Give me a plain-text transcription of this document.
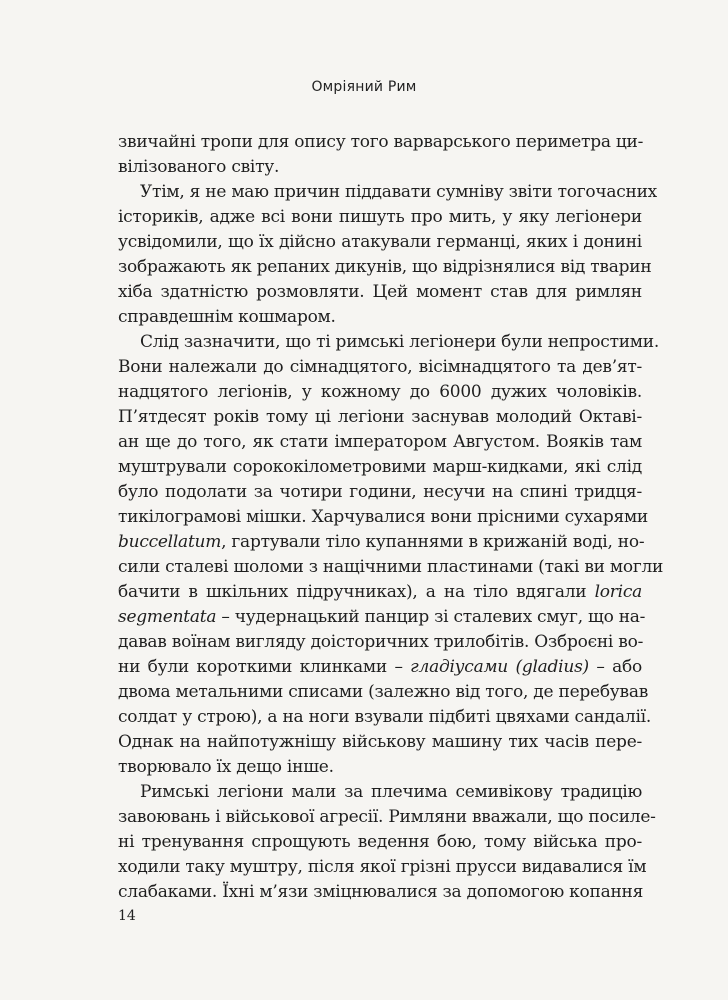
Омріяний Рим
звичайні тропи для опису того варварського периметра ци-
вілізованого світу.
Утім, я не маю причин піддавати сумніву звіти тогочасних
істориків, адже всі вони пишуть про мить, у яку легіонери
усвідомили, що їх дійсно атакували германці, яких і донині
зображають як репаних дикунів, що відрізнялися від тварин
хіба здатністю розмовляти. Цей момент став для римлян
справдешнім кошмаром.
Слід зазначити, що ті римські легіонери були непростими.
Вони належали до сімнадцятого, вісімнадцятого та дев’ят-
надцятого легіонів, у кожному до 6000 дужих чоловіків.
П’ятдесят років тому ці легіони заснував молодий Октаві-
ан ще до того, як стати імператором Августом. Вояків там
муштрували сорококілометровими марш-кидками, які слід
було подолати за чотири години, несучи на спині тридця-
тикілограмові мішки. Харчувалися вони прісними сухарями
buccellatum, гартували тіло купаннями в крижаній воді, но-
сили сталеві шоломи з нащічними пластинами (такі ви могли
бачити в шкільних підручниках), а на тіло вдягали lorica
segmentata – чудернацький панцир зі сталевих смуг, що на-
давав воїнам вигляду доісторичних трилобітів. Озброєні во-
ни були короткими клинками – гладіусами (gladius) – або
двома метальними списами (залежно від того, де перебував
солдат у строю), а на ноги взували підбиті цвяхами сандалії.
Однак на найпотужнішу військову машину тих часів пере-
творювало їх дещо інше.
Римські легіони мали за плечима семивікову традицію
завоювань і військової агресії. Римляни вважали, що посиле-
ні тренування спрощують ведення бою, тому війська про-
ходили таку муштру, після якої грізні прусси видавалися їм
слабаками. Їхні м’язи зміцнювалися за допомогою копання
14
